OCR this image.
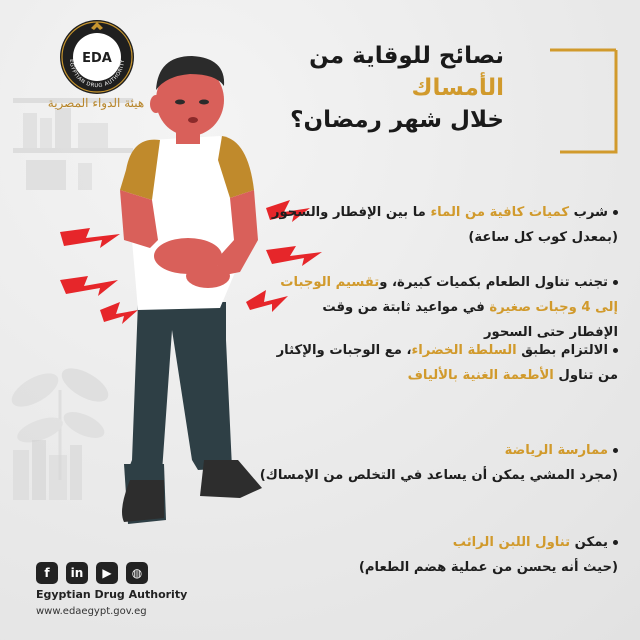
EDA
EGYPTIAN DRUG AUTHORITY
هيئة الدواء المصرية
نصائح للوقاية من
الأمساك
خلال شهر رمضان؟
شرب كميات كافية من الماء ما بين الإفطار والسحور
(بمعدل كوب كل ساعة)
تجنب تناول الطعام بكميات كبيرة، وتقسيم الوجبات
إلى 4 وجبات صغيرة في مواعيد ثابتة من وقت
الإفطار حتى السحور
الالتزام بطبق السلطة الخضراء، مع الوجبات والإكثار
من تناول الأطعمة الغنية بالألياف
ممارسة الرياضة
(مجرد المشي يمكن أن يساعد في التخلص من الإمساك)
يمكن تناول اللبن الرائب
(حيث أنه يحسن من عملية هضم الطعام)
f	in	▶	◍
Egyptian Drug Authority
www.edaegypt.gov.eg
